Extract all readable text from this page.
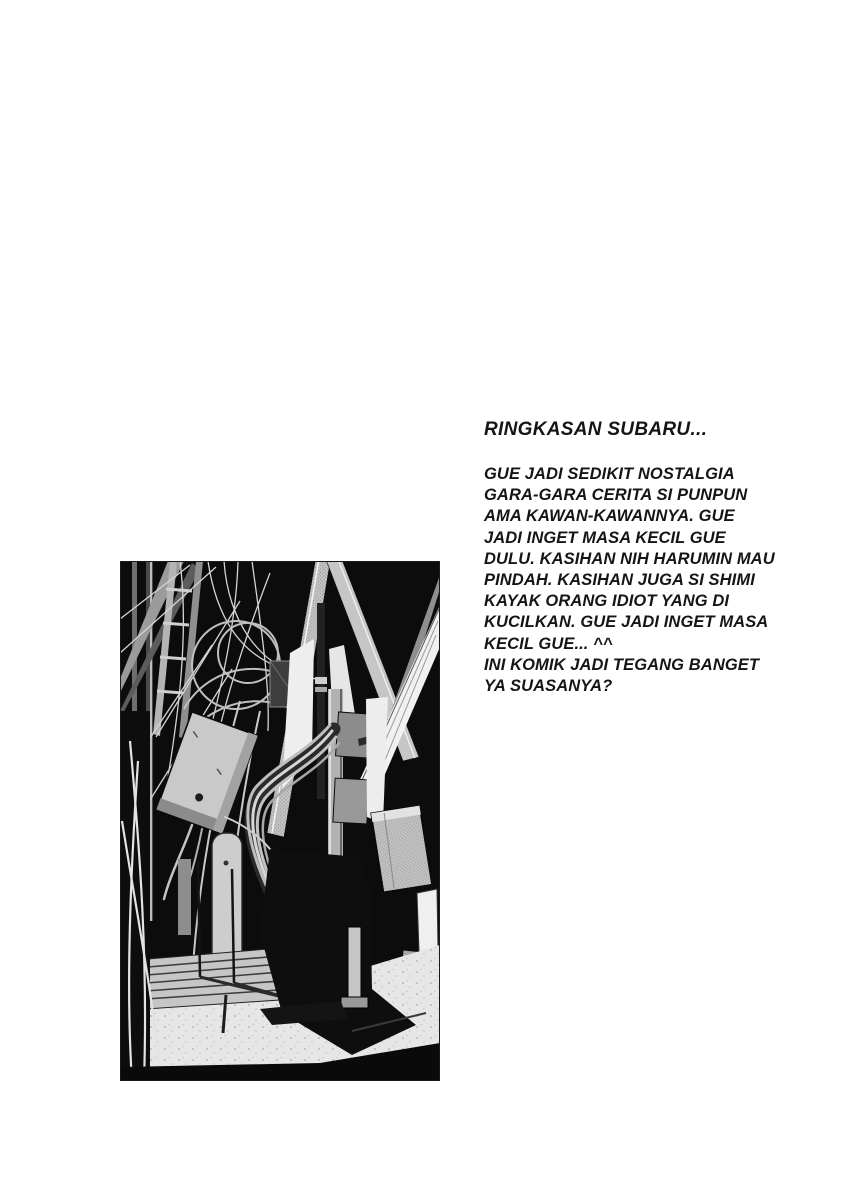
RINGKASAN SUBARU...
GUE JADI SEDIKIT NOSTALGIA
GARA-GARA CERITA SI PUNPUN
AMA KAWAN-KAWANNYA. GUE
JADI INGET MASA KECIL GUE
DULU. KASIHAN NIH HARUMIN MAU
PINDAH. KASIHAN JUGA SI SHIMI
KAYAK ORANG IDIOT YANG DI
KUCILKAN. GUE JADI INGET MASA
KECIL GUE... ^^
INI KOMIK JADI TEGANG BANGET
YA SUASANYA?
